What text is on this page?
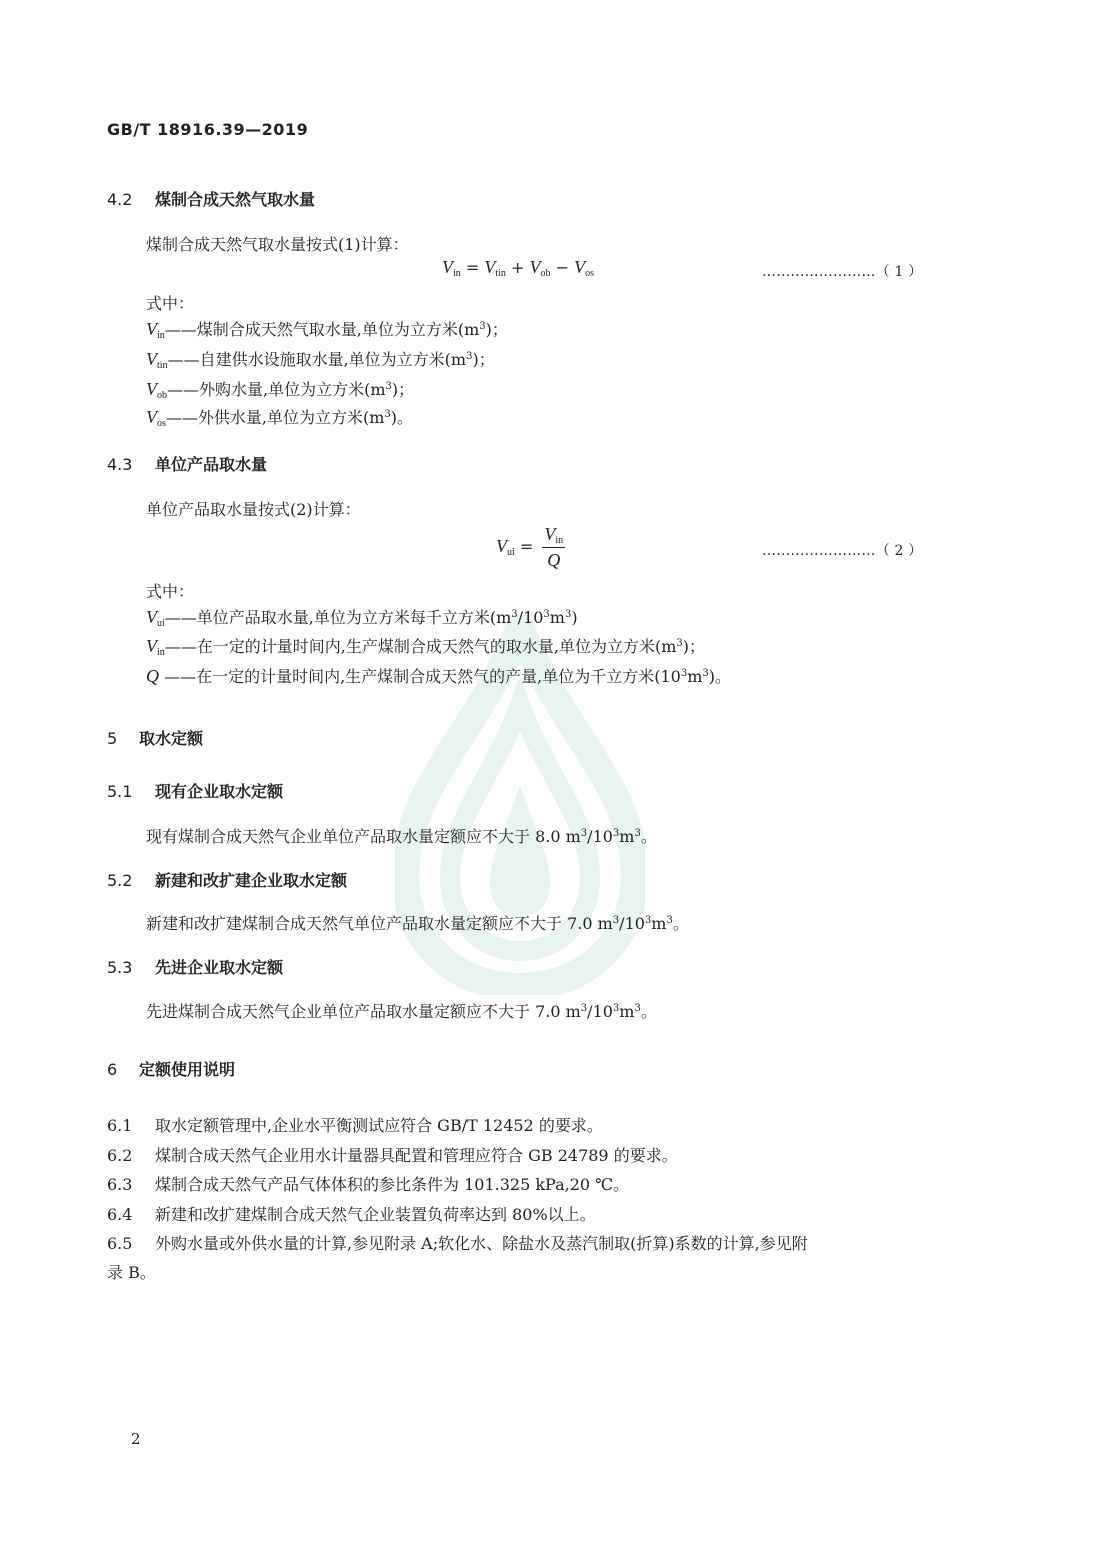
GB/T 18916.39—2019
4.2 煤制合成天然气取水量
煤制合成天然气取水量按式(1)计算：
$V_{in} = V_{tin} + V_{ob} - V_{os}$	……………………（ 1 ）
式中：
$V_{in}——$煤制合成天然气取水量,单位为立方米$(m^3)$；
$V_{tin}——$自建供水设施取水量,单位为立方米$(m^3)$；
$V_{ob}——$外购水量,单位为立方米$(m^3)$；
$V_{os}——$外供水量,单位为立方米$(m^3)$。
4.3 单位产品取水量
单位产品取水量按式(2)计算：
$V_{ui} = \frac{V_{in}}{Q}$	……………………（ 2 ）
式中：
$V_{ui}——$单位产品取水量,单位为立方米每千立方米$(m^3/10^3m^3)$
$V_{in}——$在一定的计量时间内,生产煤制合成天然气的取水量,单位为立方米$(m^3)$；
Q ——在一定的计量时间内,生产煤制合成天然气的产量,单位为千立方米$(10^3m^3)$。
5 取水定额
5.1 现有企业取水定额
现有煤制合成天然气企业单位产品取水量定额应不大于 8.0 $m^3/10^3m^3$。
5.2 新建和改扩建企业取水定额
新建和改扩建煤制合成天然气单位产品取水量定额应不大于 7.0 $m^3/10^3m^3$。
5.3 先进企业取水定额
先进煤制合成天然气企业单位产品取水量定额应不大于 7.0 $m^3/10^3m^3$。
6 定额使用说明
6.1 取水定额管理中,企业水平衡测试应符合 GB/T 12452 的要求。
6.2 煤制合成天然气企业用水计量器具配置和管理应符合 GB 24789 的要求。
6.3 煤制合成天然气产品气体体积的参比条件为 101.325 kPa,20 ℃。
6.4 新建和改扩建煤制合成天然气企业装置负荷率达到 80%以上。
6.5 外购水量或外供水量的计算,参见附录 A;软化水、除盐水及蒸汽制取(折算)系数的计算,参见附
录 B。
2
